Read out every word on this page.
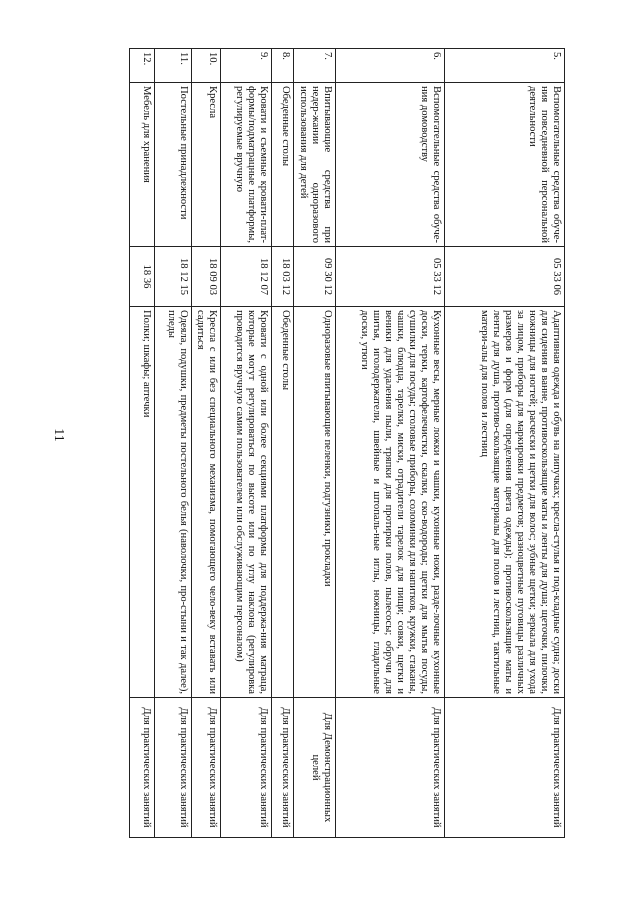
11
5.	Вспомогательные средства обуче-ния повседневной персональной деятельности	05 33 06	Адаптивная одежда и обувь на липучках; кресла-стулья и под-кладные судна; доски для сидения в ванне, противоскользящие маты и ленты для душа; щеточки, пилочки, ножницы для ногтей; расчески и щетки для волос; зубные щетки; зеркала для ухода за лицом, приборы для маркировки предметов; разноцветные пуговицы различных размеров и форм (для определения цвета одежды); противоскользящие маты и ленты для душа, противо-скользящие материалы для полов и лестниц, тактильные матери-алы для полов и лестниц	Для практических занятий
6.	Вспомогательные средства обуче-ния домоводству	05 33 12	Кухонные весы, мерные ложки и чашки, кухонные ножи, разде-лочные кухонные доски, терки, картофелечистки, скалки, ско-водороды; щетки для мытья посуды, сушилки для посуды; столовые приборы, соломинки для напитков, кружки, стаканы, чашки, блюдца, тарелки, миски, отрадители тарелок для пищи; совки, щетки и веники для удаления пыли, тряпки для протирки полов, пылесосы; обручи для шитья, иголодержатели, швейные и штопаль-ные иглы, ножницы, гладильные доски, утюги	Для практических занятий
7.	Впитывающие средства при недер-жании одноразового использования для детей	09 30 12	Одноразовые впитывающие пеленки, подгузники, прокладки	Для Демонстрационных целей
8.	Обеденные столы	18 03 12	Обеденные столы	Для практических занятий
9.	Кровати и съемные кровати-плат-формы/подматрацные платформы, регулируемые вручную	18 12 07	Кровати с одной или более секциями платформы для поддержа-ния матраца, которые могут регулироваться по высоте или по углу наклона (регулировка проводится вручную самим пользователем или обслуживающим персоналом)	Для практических занятий
10.	Кресла	18 09 03	Кресла с или без специального механизма, помогающего чело-веку вставать или садиться	Для практических занятий
11.	Постельные принадлежности	18 12 15	Одеяла, подушки, предметы постельного белья (наволочки, про-стыни и так далее), пледы	Для практических занятий
12.	Мебель для хранения	18 36	Полки; шкафы; аптечки	Для практических занятий
